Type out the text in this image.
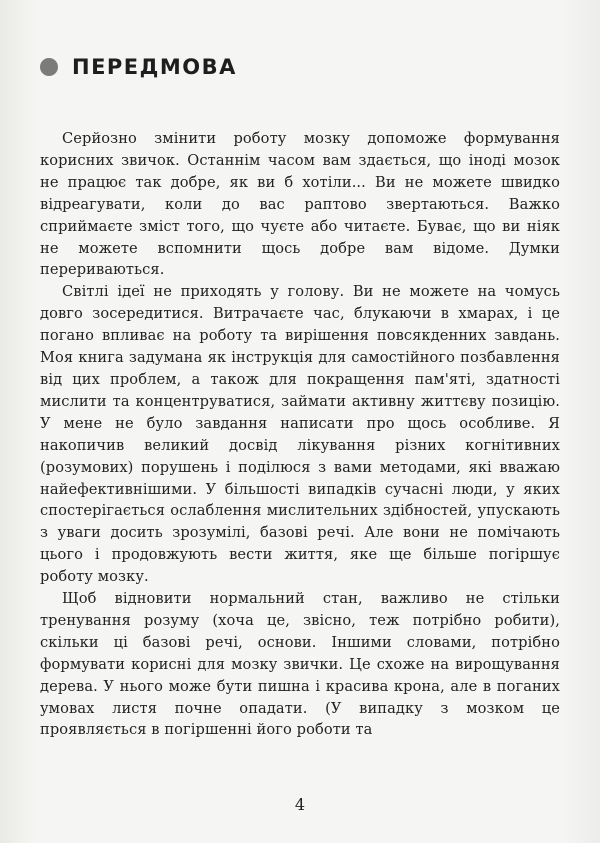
ПЕРЕДМОВА

Серйозно змінити роботу мозку допоможе формування корисних звичок. Останнім часом вам здається, що іноді мозок не працює так добре, як ви б хотіли... Ви не можете швидко відреагувати, коли до вас раптово звертаються. Важко сприймаєте зміст того, що чуєте або читаєте. Буває, що ви ніяк не можете вспомнити щось добре вам відоме. Думки перериваються.

Світлі ідеї не приходять у голову. Ви не можете на чомусь довго зосередитися. Витрачаєте час, блукаючи в хмарах, і це погано впливає на роботу та вирішення повсякденних завдань. Моя книга задумана як інструкція для самостійного позбавлення від цих проблем, а також для покращення пам'яті, здатності мислити та концентруватися, займати активну життєву позицію. У мене не було завдання написати про щось особливе. Я накопичив великий досвід лікування різних когнітивних (розумових) порушень і поділюся з вами методами, які вважаю найефективнішими. У більшості випадків сучасні люди, у яких спостерігається ослаблення мислительних здібностей, упускають з уваги досить зрозумілі, базові речі. Але вони не помічають цього і продовжують вести життя, яке ще більше погіршує роботу мозку.

Щоб відновити нормальний стан, важливо не стільки тренування розуму (хоча це, звісно, теж потрібно робити), скільки ці базові речі, основи. Іншими словами, потрібно формувати корисні для мозку звички. Це схоже на вирощування дерева. У нього може бути пишна і красива крона, але в поганих умовах листя почне опадати. (У випадку з мозком це проявляється в погіршенні його роботи та

4
